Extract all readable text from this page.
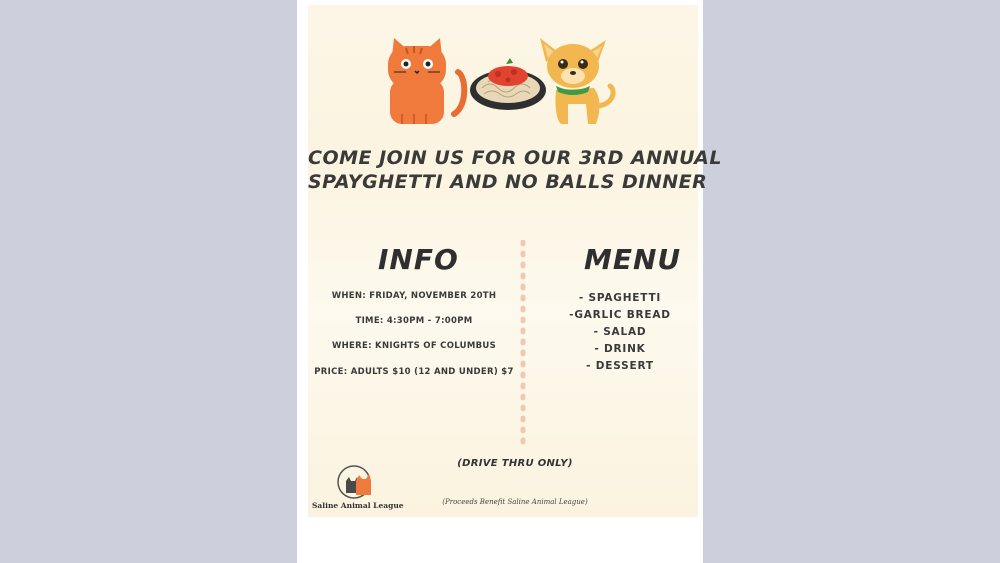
COME JOIN US FOR OUR 3RD ANNUAL
SPAYGHETTI AND NO BALLS DINNER
INFO	MENU
WHEN: FRIDAY, NOVEMBER 20TH
TIME: 4:30PM - 7:00PM
WHERE: KNIGHTS OF COLUMBUS
PRICE: ADULTS $10 (12 AND UNDER) $7
- SPAGHETTI
-GARLIC BREAD
- SALAD
- DRINK
- DESSERT
(DRIVE THRU ONLY)
Saline Animal League	(Proceeds Benefit Saline Animal League)
